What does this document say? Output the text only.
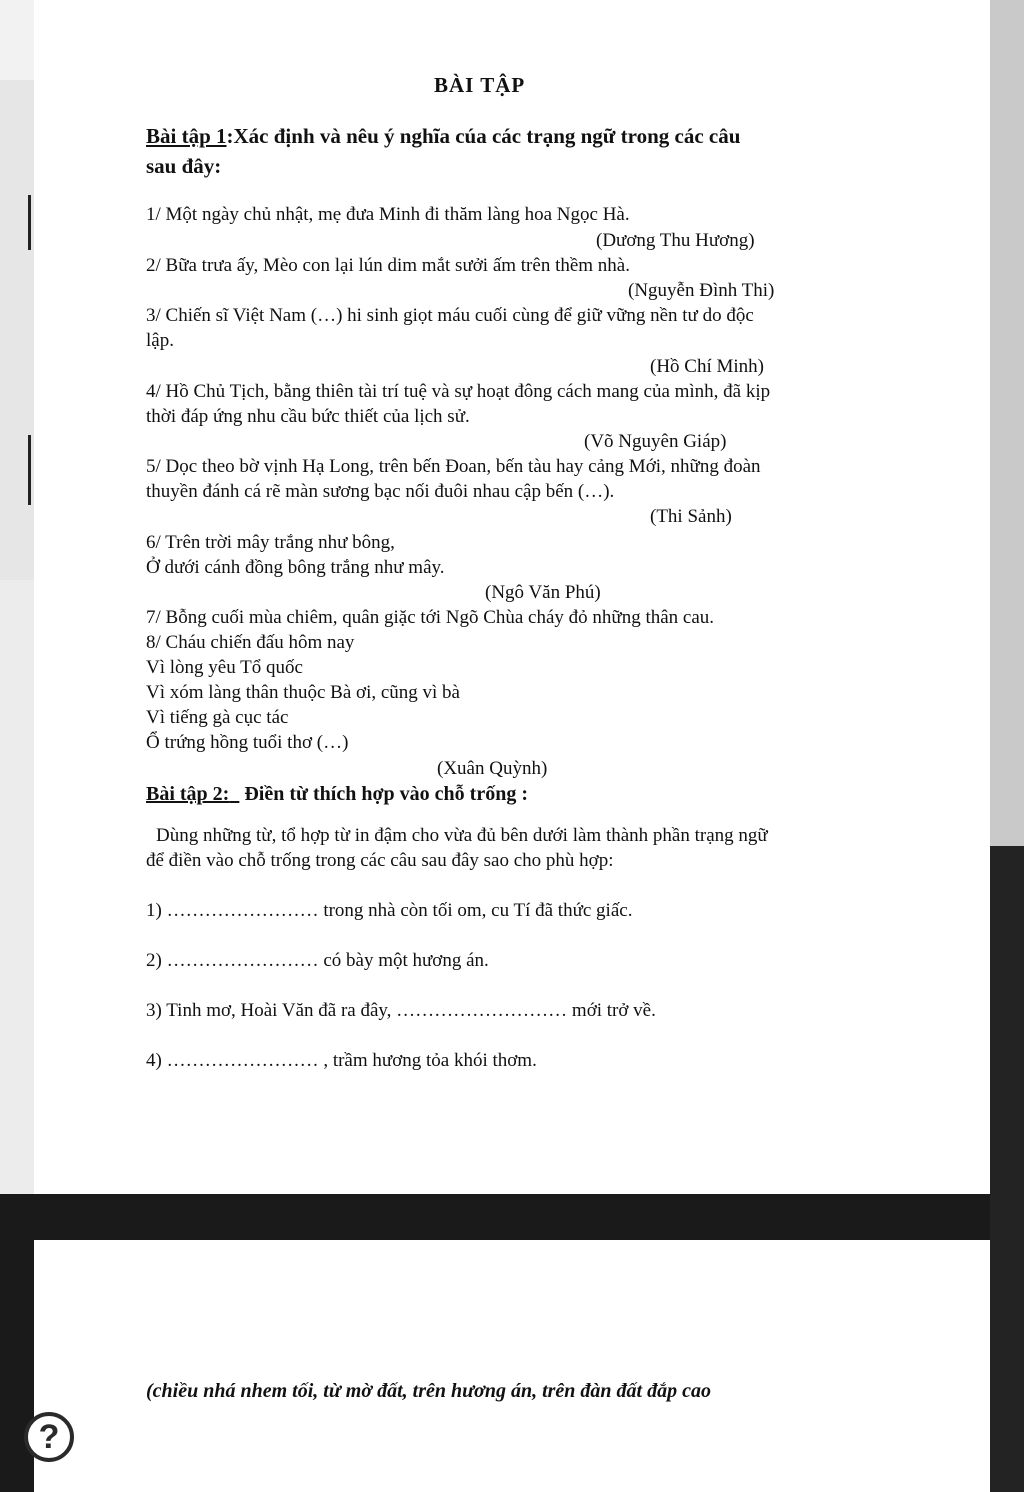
BÀI TẬP
Bài tập 1:Xác định và nêu ý nghĩa cúa các trạng ngữ trong các câu
sau đây:
1/ Một ngày chủ nhật, mẹ đưa Minh đi thăm làng hoa Ngọc Hà.
(Dương Thu Hương)
2/ Bữa trưa ấy, Mèo con lại lún dim mắt sưởi ấm trên thềm nhà.
(Nguyễn Đình Thi)
3/ Chiến sĩ Việt Nam (…) hi sinh giọt máu cuối cùng để giữ vững nền tư do độc
lập.
(Hồ Chí Minh)
4/ Hồ Chủ Tịch, bằng thiên tài trí tuệ và sự hoạt đông cách mang của mình, đã kịp
thời đáp ứng nhu cầu bức thiết của lịch sử.
(Võ Nguyên Giáp)
5/ Dọc theo bờ vịnh Hạ Long, trên bến Đoan, bến tàu hay cảng Mới, những đoàn
thuyền đánh cá rẽ màn sương bạc nối đuôi nhau cập bến (…).
(Thi Sảnh)
6/ Trên trời mây trắng như bông,
Ở dưới cánh đồng bông trắng như mây.
(Ngô Văn Phú)
7/ Bỗng cuối mùa chiêm, quân giặc tới Ngõ Chùa cháy đỏ những thân cau.
8/ Cháu chiến đấu hôm nay
Vì lòng yêu Tổ quốc
Vì xóm làng thân thuộc Bà ơi, cũng vì bà
Vì tiếng gà cục tác
Ổ trứng hồng tuổi thơ (…)
(Xuân Quỳnh)
Bài tập 2: Điền từ thích hợp vào chỗ trống :
Dùng những từ, tổ hợp từ in đậm cho vừa đủ bên dưới làm thành phần trạng ngữ
để điền vào chỗ trống trong các câu sau đây sao cho phù hợp:
1) …………………… trong nhà còn tối om, cu Tí đã thức giấc.
2) …………………… có bày một hương án.
3) Tinh mơ, Hoài Văn đã ra đây, ……………………… mới trở về.
4) …………………… , trầm hương tỏa khói thơm.
(chiều nhá nhem tối, từ mờ đất, trên hương án, trên đàn đất đắp cao
?
